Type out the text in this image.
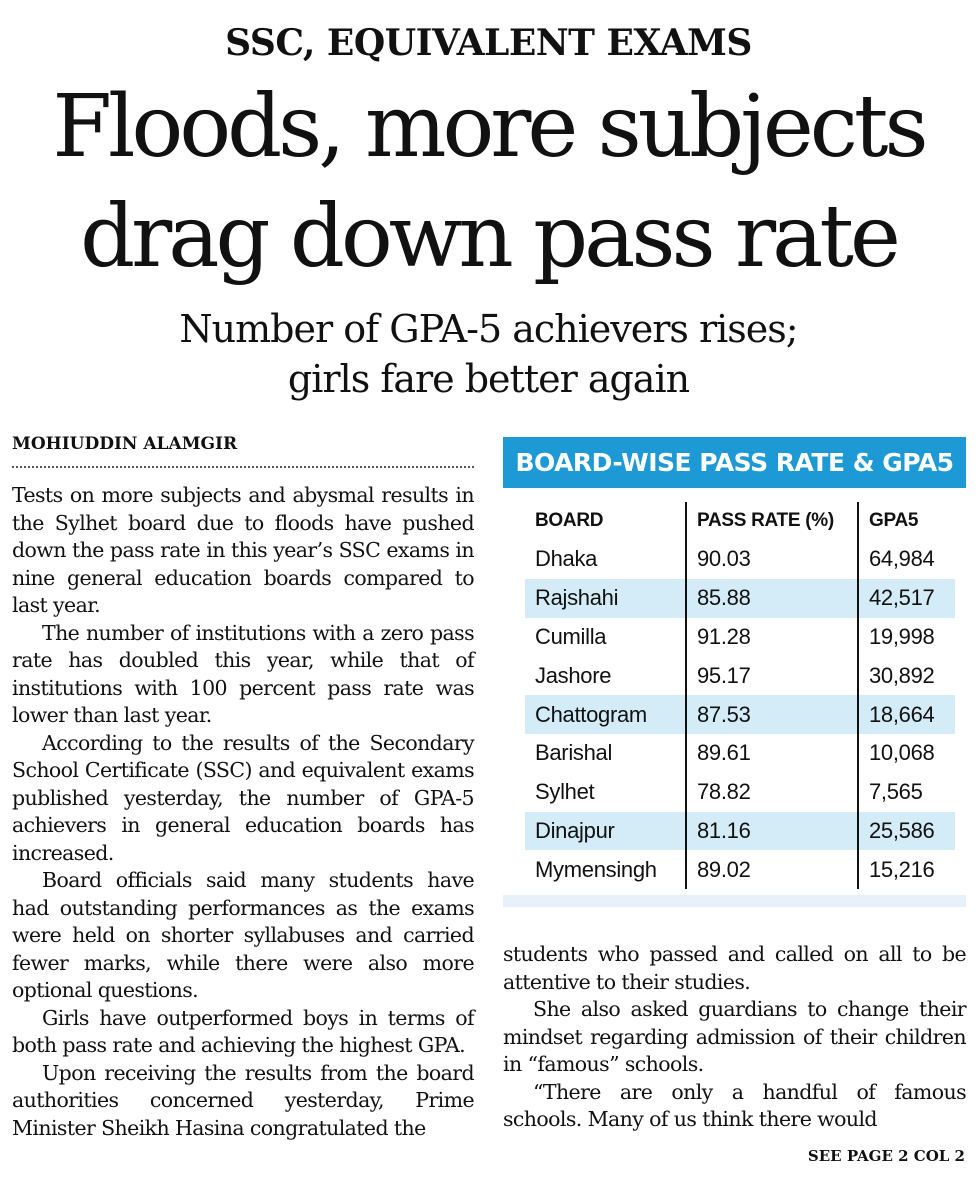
SSC, EQUIVALENT EXAMS
Floods, more subjects
drag down pass rate
Number of GPA-5 achievers rises;
girls fare better again
MOHIUDDIN ALAMGIR

Tests on more subjects and abysmal results in the Sylhet board due to floods have pushed down the pass rate in this year’s SSC exams in nine general education boards compared to last year.

The number of institutions with a zero pass rate has doubled this year, while that of institutions with 100 percent pass rate was lower than last year.

According to the results of the Secondary School Certificate (SSC) and equivalent exams published yesterday, the number of GPA-5 achievers in general education boards has increased.

Board officials said many students have had outstanding performances as the exams were held on shorter syllabuses and carried fewer marks, while there were also more optional questions.

Girls have outperformed boys in terms of both pass rate and achieving the highest GPA.

Upon receiving the results from the board authorities concerned yesterday, Prime Minister Sheikh Hasina congratulated the

BOARD-WISE PASS RATE & GPA5
BOARD	PASS RATE (%)	GPA5
Dhaka	90.03	64,984
Rajshahi	85.88	42,517
Cumilla	91.28	19,998
Jashore	95.17	30,892
Chattogram	87.53	18,664
Barishal	89.61	10,068
Sylhet	78.82	7,565
Dinajpur	81.16	25,586
Mymensingh	89.02	15,216

students who passed and called on all to be attentive to their studies.

She also asked guardians to change their mindset regarding admission of their children in “famous” schools.

“There are only a handful of famous schools. Many of us think there would

SEE PAGE 2 COL 2
